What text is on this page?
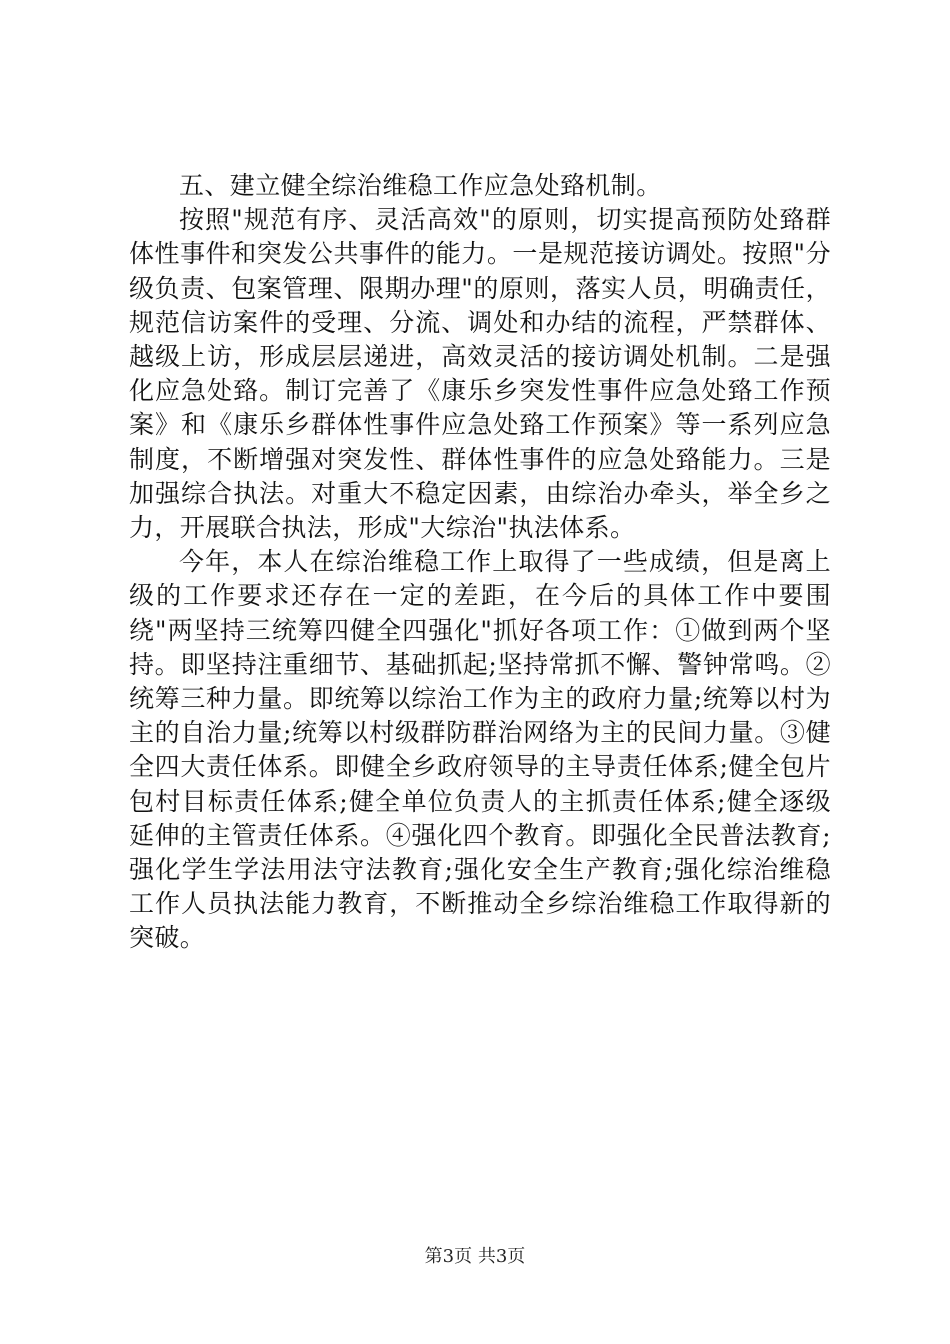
五、建立健全综治维稳工作应急处臵机制。

按照"规范有序、灵活高效"的原则，切实提高预防处臵群体性事件和突发公共事件的能力。一是规范接访调处。按照"分级负责、包案管理、限期办理"的原则，落实人员，明确责任，规范信访案件的受理、分流、调处和办结的流程，严禁群体、越级上访，形成层层递进，高效灵活的接访调处机制。二是强化应急处臵。制订完善了《康乐乡突发性事件应急处臵工作预案》和《康乐乡群体性事件应急处臵工作预案》等一系列应急制度，不断增强对突发性、群体性事件的应急处臵能力。三是加强综合执法。对重大不稳定因素，由综治办牵头，举全乡之力，开展联合执法，形成"大综治"执法体系。

今年，本人在综治维稳工作上取得了一些成绩，但是离上级的工作要求还存在一定的差距，在今后的具体工作中要围绕"两坚持三统筹四健全四强化"抓好各项工作：①做到两个坚持。即坚持注重细节、基础抓起;坚持常抓不懈、警钟常鸣。②统筹三种力量。即统筹以综治工作为主的政府力量;统筹以村为主的自治力量;统筹以村级群防群治网络为主的民间力量。③健全四大责任体系。即健全乡政府领导的主导责任体系;健全包片包村目标责任体系;健全单位负责人的主抓责任体系;健全逐级延伸的主管责任体系。④强化四个教育。即强化全民普法教育;强化学生学法用法守法教育;强化安全生产教育;强化综治维稳工作人员执法能力教育，不断推动全乡综治维稳工作取得新的突破。

第3页 共3页
